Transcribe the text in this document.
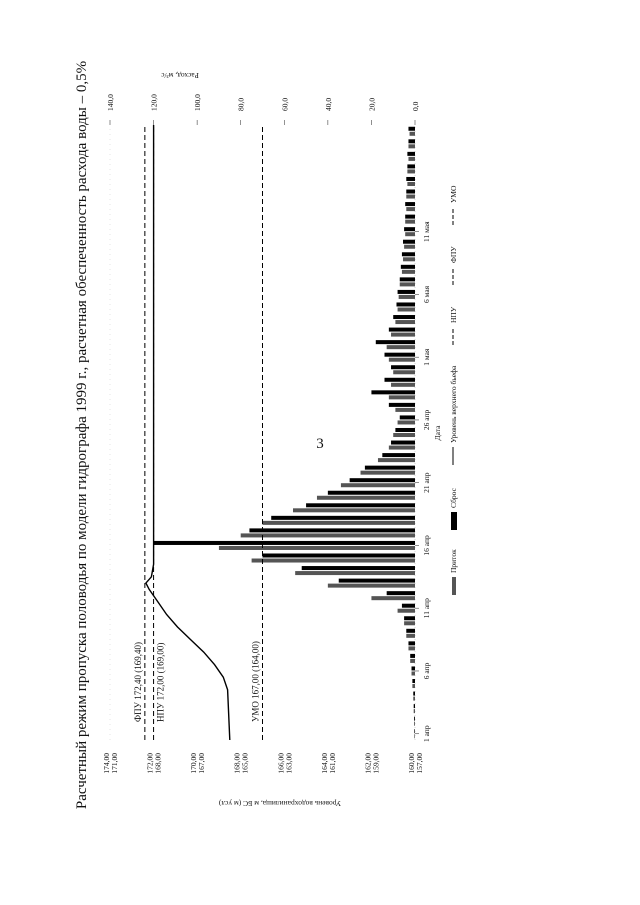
3
Расчетный режим пропуска половодья по модели гидрографа 1999 г., расчетная обеспеченность расхода воды – 0,5%	160,00 157,00
162,00 159,00
164,00 161,00
166,00 163,00
168,00 165,00
170,00 167,00
172,00 168,00
174,00 171,00
0,0
20,0
40,0
60,0
80,0
100,0
120,0
140,0
ФПУ 172,40 (169,40) НПУ 172,00 (169,00)	УМО 167,00 (164,00)
1 апр
6 апр
11 апр
16 апр
21 апр
26 апр
1 мая
6 мая
11 мая
Уровень водохранилища, м БС (м усл)
Расход, м³/с
Дата
Приток
Сброс
Уровень верхнего бьефа
НПУ
ФПУ
УМО
